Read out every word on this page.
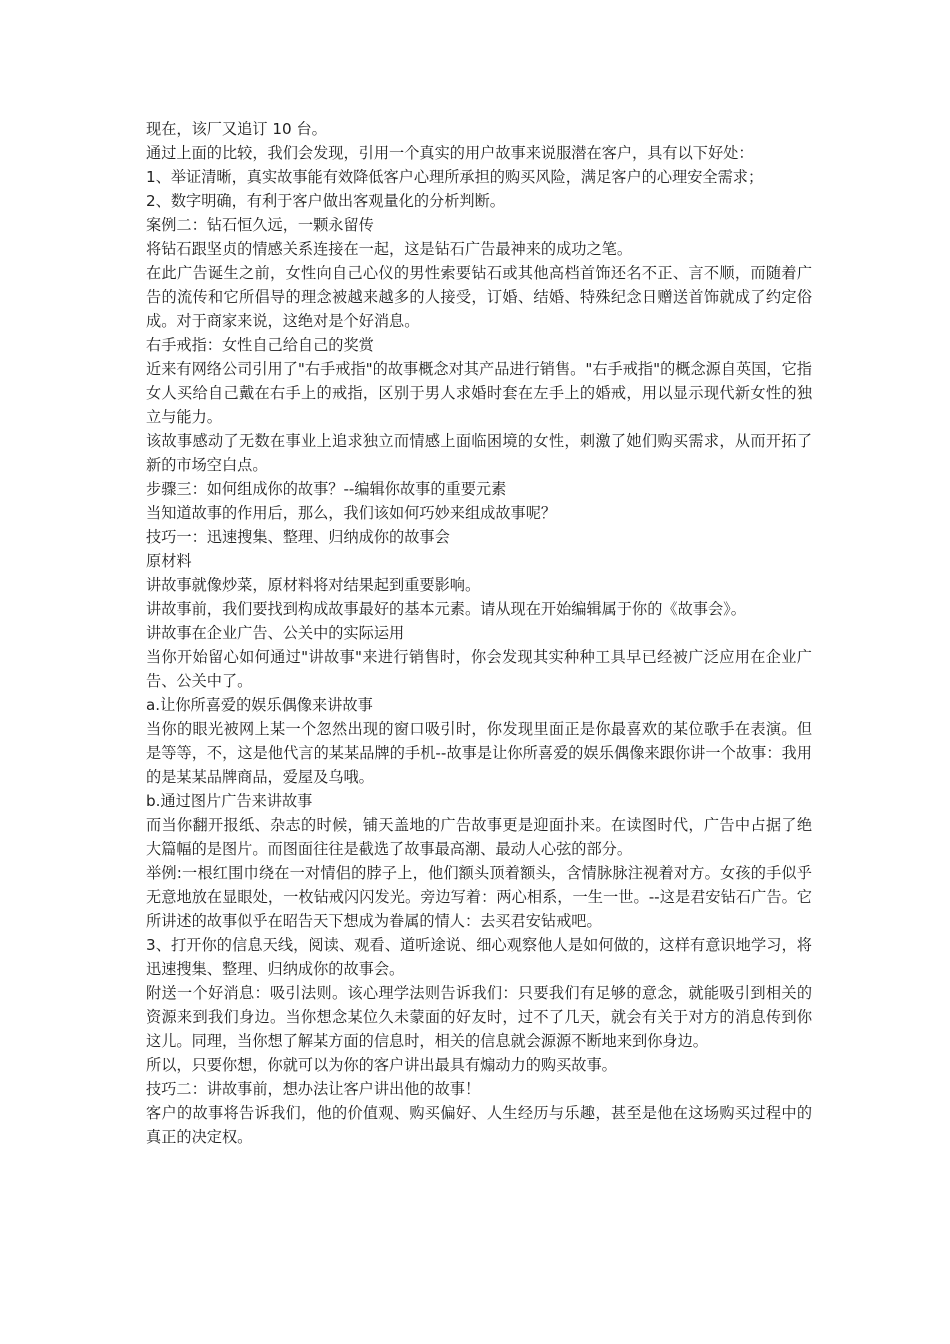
现在，该厂又追订 10 台。

通过上面的比较，我们会发现，引用一个真实的用户故事来说服潜在客户，具有以下好处：

1、举证清晰，真实故事能有效降低客户心理所承担的购买风险，满足客户的心理安全需求；

2、数字明确，有利于客户做出客观量化的分析判断。

案例二：钻石恒久远，一颗永留传

将钻石跟坚贞的情感关系连接在一起，这是钻石广告最神来的成功之笔。

在此广告诞生之前，女性向自己心仪的男性索要钻石或其他高档首饰还名不正、言不顺，而随着广告的流传和它所倡导的理念被越来越多的人接受，订婚、结婚、特殊纪念日赠送首饰就成了约定俗成。对于商家来说，这绝对是个好消息。

右手戒指：女性自己给自己的奖赏

近来有网络公司引用了"右手戒指"的故事概念对其产品进行销售。"右手戒指"的概念源自英国，它指女人买给自己戴在右手上的戒指，区别于男人求婚时套在左手上的婚戒，用以显示现代新女性的独立与能力。

该故事感动了无数在事业上追求独立而情感上面临困境的女性，刺激了她们购买需求，从而开拓了新的市场空白点。

步骤三：如何组成你的故事？--编辑你故事的重要元素

当知道故事的作用后，那么，我们该如何巧妙来组成故事呢？

技巧一：迅速搜集、整理、归纳成你的故事会

原材料

讲故事就像炒菜，原材料将对结果起到重要影响。

讲故事前，我们要找到构成故事最好的基本元素。请从现在开始编辑属于你的《故事会》。

讲故事在企业广告、公关中的实际运用

当你开始留心如何通过"讲故事"来进行销售时，你会发现其实种种工具早已经被广泛应用在企业广告、公关中了。

a.让你所喜爱的娱乐偶像来讲故事

当你的眼光被网上某一个忽然出现的窗口吸引时，你发现里面正是你最喜欢的某位歌手在表演。但是等等，不，这是他代言的某某品牌的手机--故事是让你所喜爱的娱乐偶像来跟你讲一个故事：我用的是某某品牌商品，爱屋及乌哦。

b.通过图片广告来讲故事

而当你翻开报纸、杂志的时候，铺天盖地的广告故事更是迎面扑来。在读图时代，广告中占据了绝大篇幅的是图片。而图面往往是截选了故事最高潮、最动人心弦的部分。

举例:一根红围巾绕在一对情侣的脖子上，他们额头顶着额头，含情脉脉注视着对方。女孩的手似乎无意地放在显眼处，一枚钻戒闪闪发光。旁边写着：两心相系，一生一世。--这是君安钻石广告。它所讲述的故事似乎在昭告天下想成为眷属的情人：去买君安钻戒吧。

3、打开你的信息天线，阅读、观看、道听途说、细心观察他人是如何做的，这样有意识地学习，将迅速搜集、整理、归纳成你的故事会。

附送一个好消息：吸引法则。该心理学法则告诉我们：只要我们有足够的意念，就能吸引到相关的资源来到我们身边。当你想念某位久未蒙面的好友时，过不了几天，就会有关于对方的消息传到你这儿。同理，当你想了解某方面的信息时，相关的信息就会源源不断地来到你身边。

所以，只要你想，你就可以为你的客户讲出最具有煽动力的购买故事。

技巧二：讲故事前，想办法让客户讲出他的故事！

客户的故事将告诉我们，他的价值观、购买偏好、人生经历与乐趣，甚至是他在这场购买过程中的真正的决定权。
